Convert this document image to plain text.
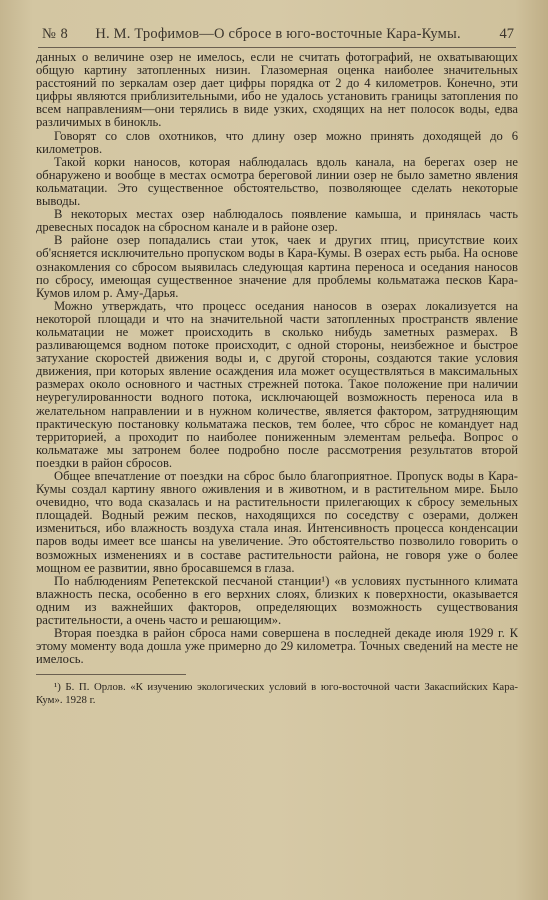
№ 8	Н. М. Трофимов—О сбросе в юго-восточные Кара-Кумы.	47

данных о величине озер не имелось, если не считать фотографий, не охватывающих общую картину затопленных низин. Глазомерная оценка наиболее значительных расстояний по зеркалам озер дает цифры порядка от 2 до 4 километров. Конечно, эти цифры являются приблизительными, ибо не удалось установить границы затопления по всем направлениям—они терялись в виде узких, сходящих на нет полосок воды, едва различимых в бинокль.

Говорят со слов охотников, что длину озер можно принять доходящей до 6 километров.

Такой корки наносов, которая наблюдалась вдоль канала, на берегах озер не обнаружено и вообще в местах осмотра береговой линии озер не было заметно явления кольматации. Это существенное обстоятельство, позволяющее сделать некоторые выводы.

В некоторых местах озер наблюдалось появление камыша, и принялась часть древесных посадок на сбросном канале и в районе озер.

В районе озер попадались стаи уток, чаек и других птиц, присутствие коих об'ясняется исключительно пропуском воды в Кара-Кумы. В озерах есть рыба. На основе ознакомления со сбросом выявилась следующая картина переноса и оседания наносов по сбросу, имеющая существенное значение для проблемы кольматажа песков Кара-Кумов илом р. Аму-Дарья.

Можно утверждать, что процесс оседания наносов в озерах локализуется на некоторой площади и что на значительной части затопленных пространств явление кольматации не может происходить в сколько нибудь заметных размерах. В разливающемся водном потоке происходит, с одной стороны, неизбежное и быстрое затухание скоростей движения воды и, с другой стороны, создаются такие условия движения, при которых явление осаждения ила может осуществляться в максимальных размерах около основного и частных стрежней потока. Такое положение при наличии неурегулированности водного потока, исключающей возможность переноса ила в желательном направлении и в нужном количестве, является фактором, затрудняющим практическую постановку кольматажа песков, тем более, что сброс не командует над территорией, а проходит по наиболее пониженным элементам рельефа. Вопрос о кольматаже мы затронем более подробно после рассмотрения результатов второй поездки в район сбросов.

Общее впечатление от поездки на сброс было благоприятное. Пропуск воды в Кара-Кумы создал картину явного оживления и в животном, и в растительном мире. Было очевидно, что вода сказалась и на растительности прилегающих к сбросу земельных площадей. Водный режим песков, находящихся по соседству с озерами, должен измениться, ибо влажность воздуха стала иная. Интенсивность процесса конденсации паров воды имеет все шансы на увеличение. Это обстоятельство позволило говорить о возможных изменениях и в составе растительности района, не говоря уже о более мощном ее развитии, явно бросавшемся в глаза.

По наблюдениям Репетекской песчаной станции¹) «в условиях пустынного климата влажность песка, особенно в его верхних слоях, близких к поверхности, оказывается одним из важнейших факторов, определяющих возможность существования растительности, а очень часто и решающим».

Вторая поездка в район сброса нами совершена в последней декаде июля 1929 г. К этому моменту вода дошла уже примерно до 29 километра. Точных сведений на месте не имелось.

¹) Б. П. Орлов. «К изучению экологических условий в юго-восточной части Закаспийских Кара-Кум». 1928 г.
